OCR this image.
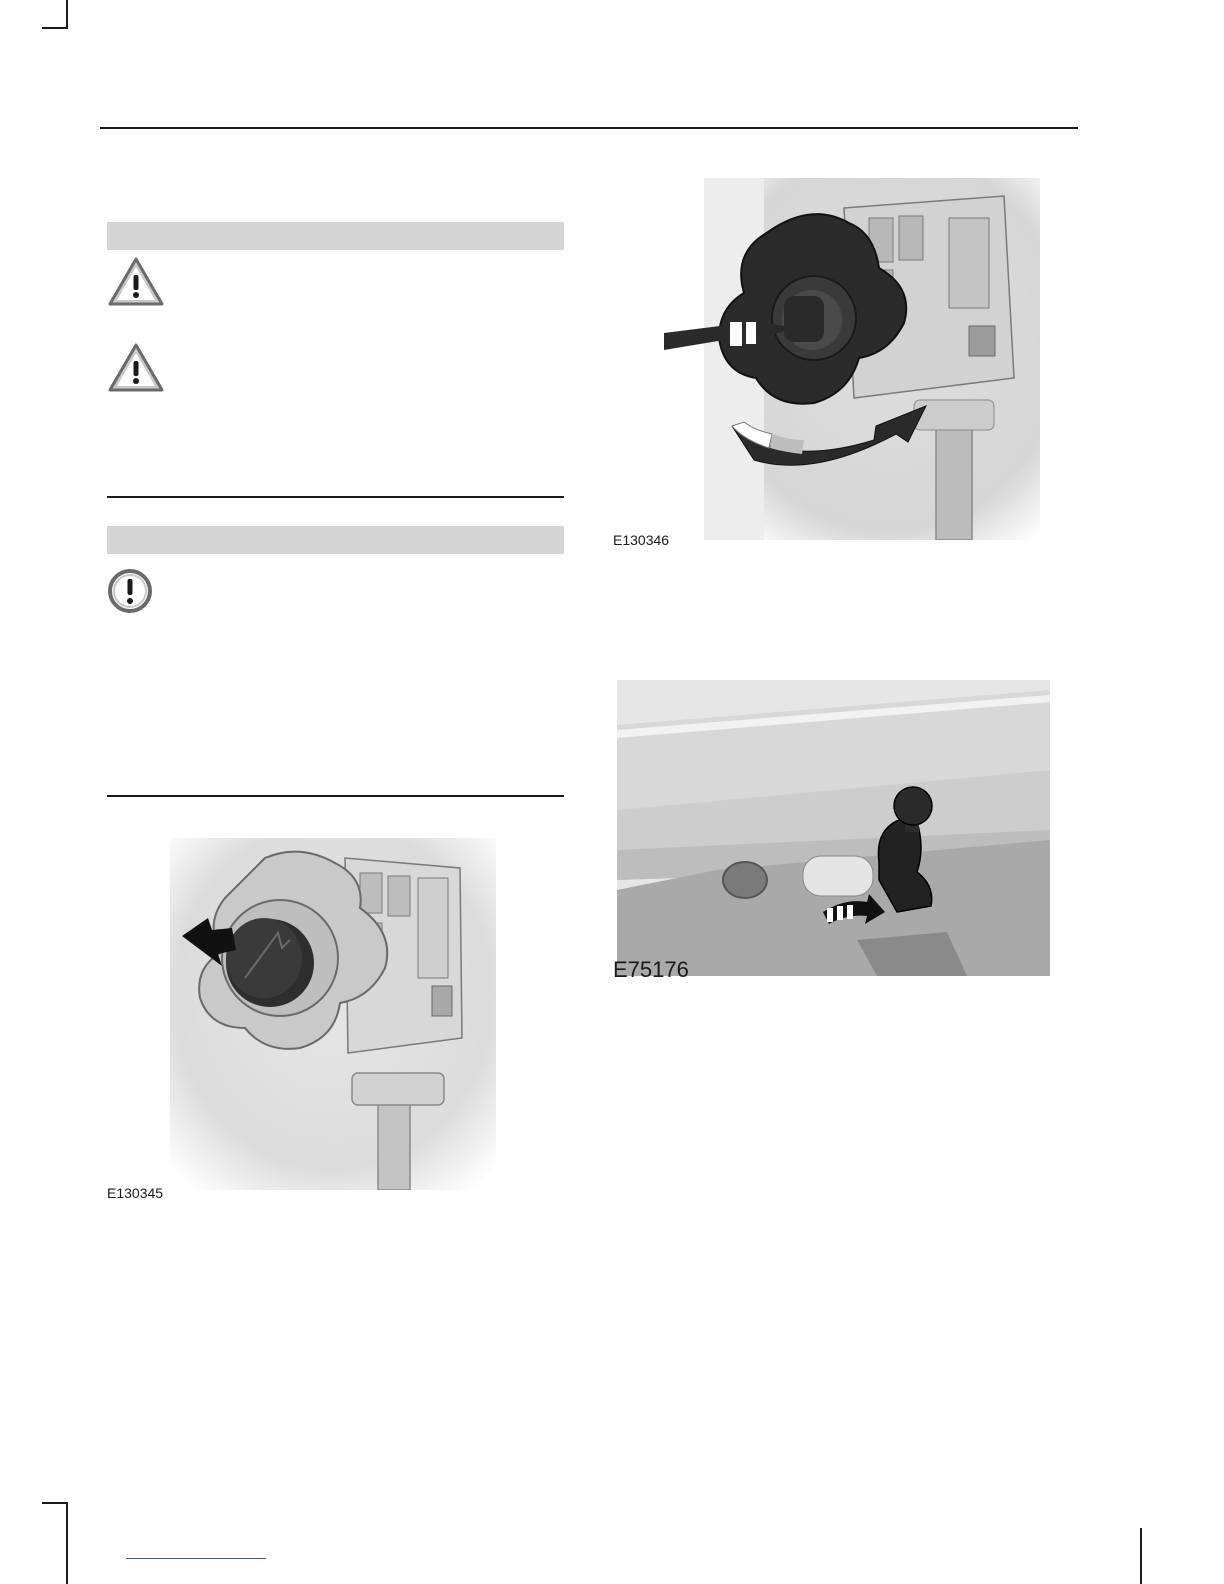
E130345
E130346
E75176
